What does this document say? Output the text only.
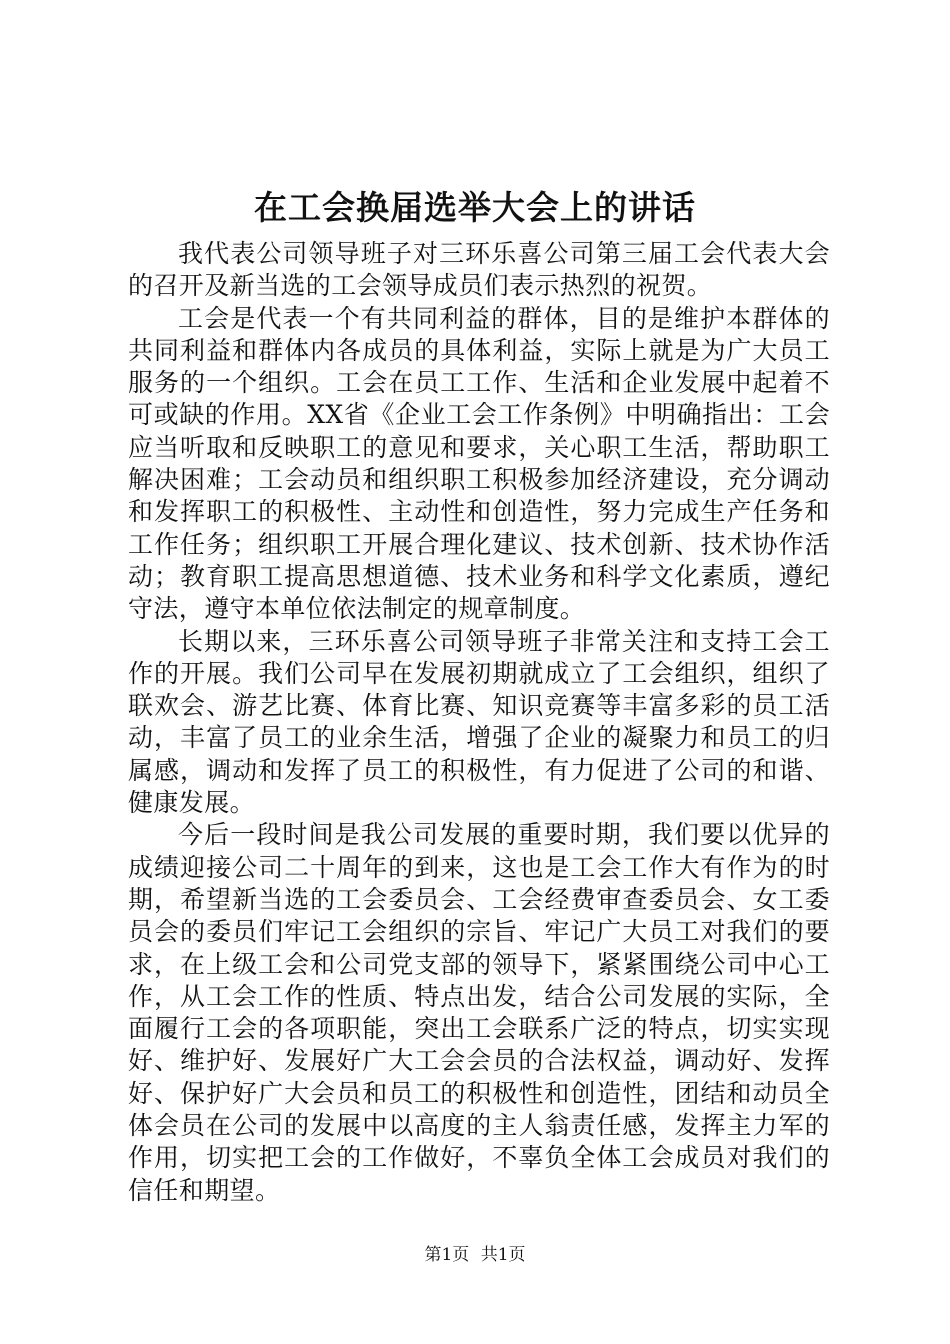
在工会换届选举大会上的讲话

我代表公司领导班子对三环乐喜公司第三届工会代表大会的召开及新当选的工会领导成员们表示热烈的祝贺。

工会是代表一个有共同利益的群体，目的是维护本群体的共同利益和群体内各成员的具体利益，实际上就是为广大员工服务的一个组织。工会在员工工作、生活和企业发展中起着不可或缺的作用。XX省《企业工会工作条例》中明确指出：工会应当听取和反映职工的意见和要求，关心职工生活，帮助职工解决困难；工会动员和组织职工积极参加经济建设，充分调动和发挥职工的积极性、主动性和创造性，努力完成生产任务和工作任务；组织职工开展合理化建议、技术创新、技术协作活动；教育职工提高思想道德、技术业务和科学文化素质，遵纪守法，遵守本单位依法制定的规章制度。

长期以来，三环乐喜公司领导班子非常关注和支持工会工作的开展。我们公司早在发展初期就成立了工会组织，组织了联欢会、游艺比赛、体育比赛、知识竞赛等丰富多彩的员工活动，丰富了员工的业余生活，增强了企业的凝聚力和员工的归属感，调动和发挥了员工的积极性，有力促进了公司的和谐、健康发展。

今后一段时间是我公司发展的重要时期，我们要以优异的成绩迎接公司二十周年的到来，这也是工会工作大有作为的时期，希望新当选的工会委员会、工会经费审查委员会、女工委员会的委员们牢记工会组织的宗旨、牢记广大员工对我们的要求，在上级工会和公司党支部的领导下，紧紧围绕公司中心工作，从工会工作的性质、特点出发，结合公司发展的实际，全面履行工会的各项职能，突出工会联系广泛的特点，切实实现好、维护好、发展好广大工会会员的合法权益，调动好、发挥好、保护好广大会员和员工的积极性和创造性，团结和动员全体会员在公司的发展中以高度的主人翁责任感，发挥主力军的作用，切实把工会的工作做好，不辜负全体工会成员对我们的信任和期望。

第1页 共1页
